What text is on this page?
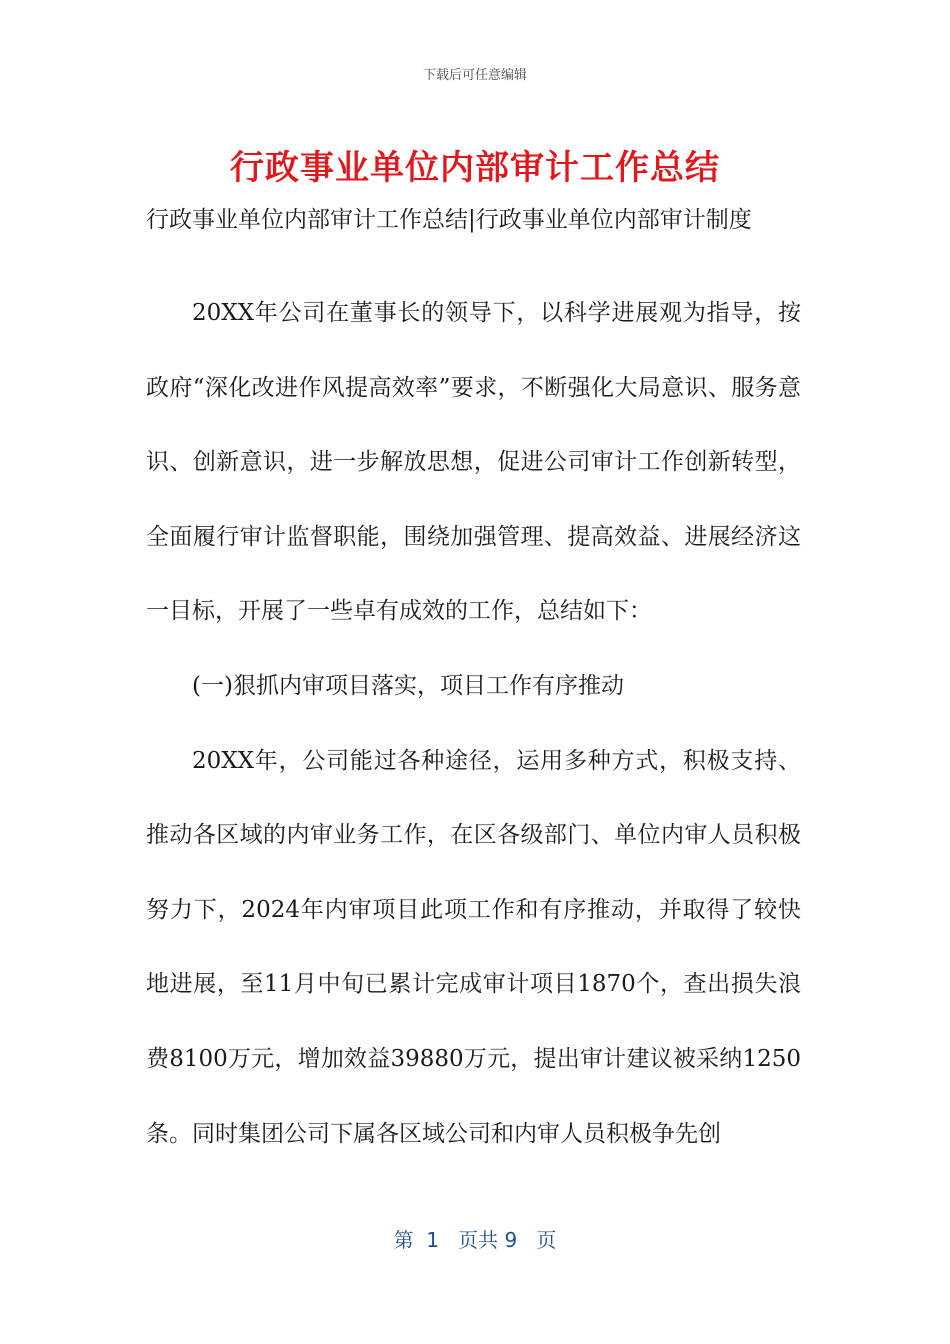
下载后可任意编辑
行政事业单位内部审计工作总结
行政事业单位内部审计工作总结|行政事业单位内部审计制度

20XX年公司在董事长的领导下，以科学进展观为指导，按政府“深化改进作风提高效率”要求，不断强化大局意识、服务意识、创新意识，进一步解放思想，促进公司审计工作创新转型，全面履行审计监督职能，围绕加强管理、提高效益、进展经济这一目标，开展了一些卓有成效的工作，总结如下：

(一)狠抓内审项目落实，项目工作有序推动

20XX年，公司能过各种途径，运用多种方式，积极支持、推动各区域的内审业务工作，在区各级部门、单位内审人员积极努力下，2024年内审项目此项工作和有序推动，并取得了较快地进展，至11月中旬已累计完成审计项目1870个，查出损失浪费8100万元，增加效益39880万元，提出审计建议被采纳1250条。同时集团公司下属各区域公司和内审人员积极争先创

第  1   页共 9   页
